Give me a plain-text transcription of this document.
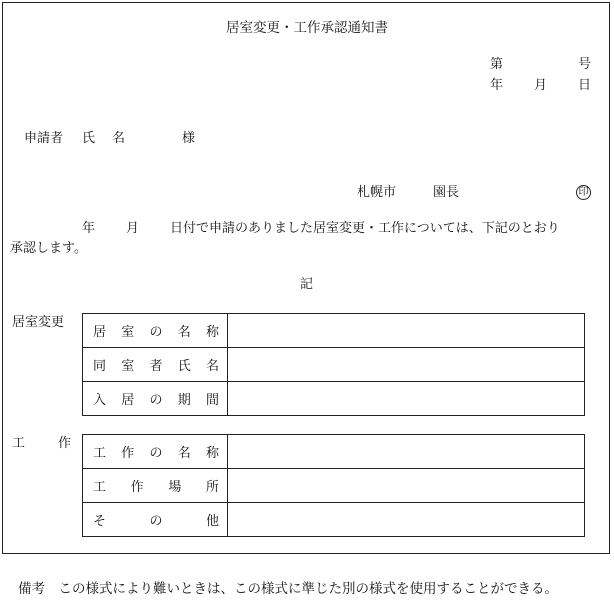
居室変更・工作承認通知書
第	号
年 月 日
申請者 氏　名	様
札幌市	園長	印
年 月 日付で申請のありました居室変更・工作については、下記のとおり
承認します。
記
居室変更
居 室 の 名 称	

同 室 者 氏 名	

入 居 の 期 間	

工	作
工 作 の 名 称	

工 作 場 所	

そ の 他	

備考　この様式により難いときは、この様式に準じた別の様式を使用することができる。
